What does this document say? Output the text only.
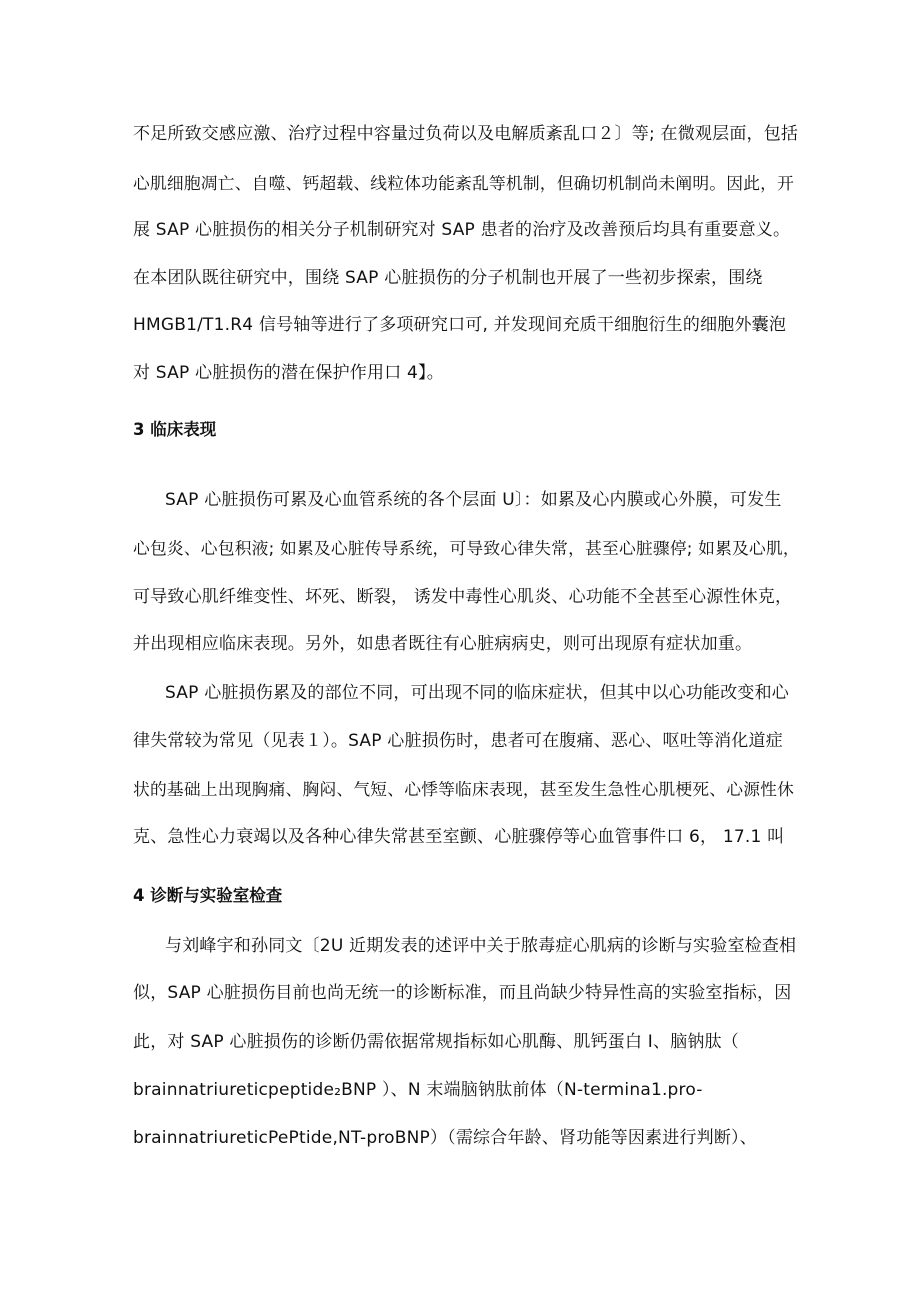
不足所致交感应激、治疗过程中容量过负荷以及电解质紊乱口２〕等; 在微观层面，包括
心肌细胞凋亡、自噬、钙超载、线粒体功能紊乱等机制，但确切机制尚未阐明。因此，开
展 SAP 心脏损伤的相关分子机制研究对 SAP 患者的治疗及改善预后均具有重要意义。
在本团队既往研究中，围绕 SAP 心脏损伤的分子机制也开展了一些初步探索，围绕
HMGB1/T1.R4 信号轴等进行了多项研究口可, 并发现间充质干细胞衍生的细胞外囊泡
对 SAP 心脏损伤的潜在保护作用口 4】。
3 临床表现
SAP 心脏损伤可累及心血管系统的各个层面 U〕：如累及心内膜或心外膜，可发生
心包炎、心包积液; 如累及心脏传导系统，可导致心律失常，甚至心脏骤停; 如累及心肌，
可导致心肌纤维变性、坏死、断裂， 诱发中毒性心肌炎、心功能不全甚至心源性休克，
并出现相应临床表现。另外，如患者既往有心脏病病史，则可出现原有症状加重。
SAP 心脏损伤累及的部位不同，可出现不同的临床症状，但其中以心功能改变和心
律失常较为常见（见表１）。SAP 心脏损伤时，患者可在腹痛、恶心、呕吐等消化道症
状的基础上出现胸痛、胸闷、气短、心悸等临床表现，甚至发生急性心肌梗死、心源性休
克、急性心力衰竭以及各种心律失常甚至室颤、心脏骤停等心血管事件口 6， 17.1 叫
4 诊断与实验室检查
与刘峰宇和孙同文〔2U 近期发表的述评中关于脓毒症心肌病的诊断与实验室检查相
似，SAP 心脏损伤目前也尚无统一的诊断标准，而且尚缺少特异性高的实验室指标，因
此，对 SAP 心脏损伤的诊断仍需依据常规指标如心肌酶、肌钙蛋白 I、脑钠肽（
brainnatriureticpeptide₂BNP ）、N 末端脑钠肽前体（N-termina1.pro-
brainnatriureticPePtide,NT-proBNP）（需综合年龄、肾功能等因素进行判断）、
